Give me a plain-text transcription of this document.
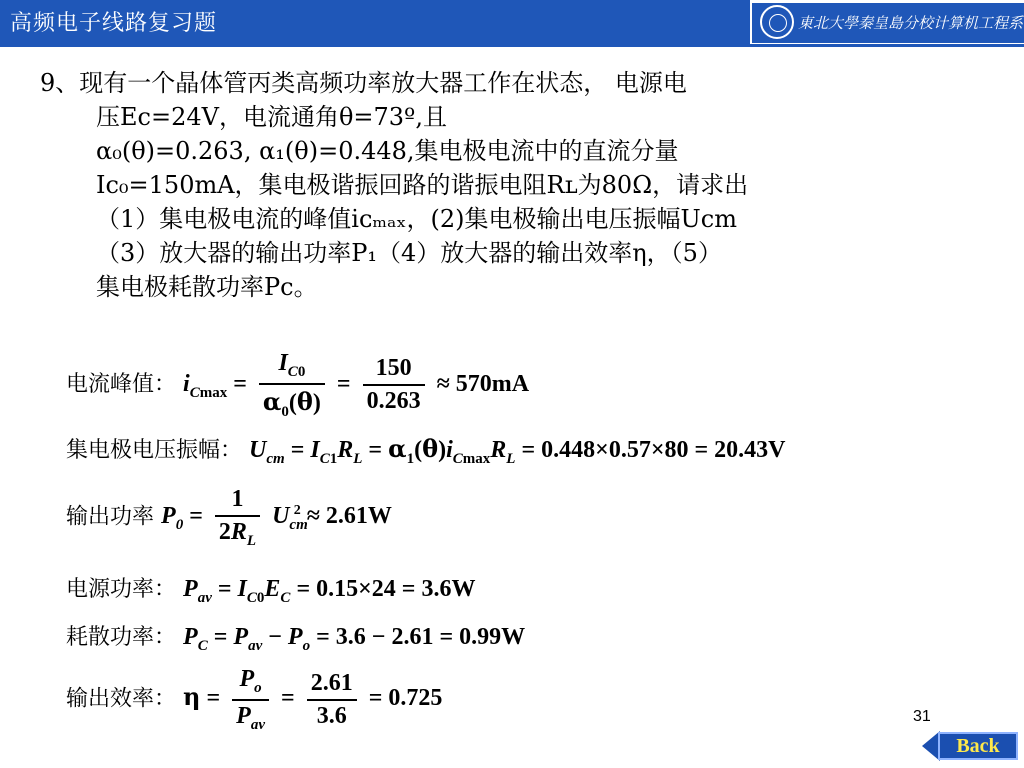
高频电子线路复习题	東北大學秦皇島分校计算机工程系
9、现有一个晶体管丙类高频功率放大器工作在状态， 电源电
压Ec=24V，电流通角θ=73º,且
α₀(θ)=0.263, α₁(θ)=0.448,集电极电流中的直流分量
Ic₀=150mA，集电极谐振回路的谐振电阻Rʟ为80Ω，请求出
（1）集电极电流的峰值iᴄₘₐₓ，(2)集电极输出电压振幅Ucm
（3）放大器的输出功率P₁（4）放大器的输出效率η，（5）
集电极耗散功率Pc。
电流峰值： $i_{Cmax} = \frac{I_{C0}}{\alpha_0(\theta)} = \frac{150}{0.263} \approx 570mA$
集电极电压振幅： $U_{cm} = I_{C1}R_L = \alpha_1(\theta)i_{Cmax}R_L = 0.448\times 0.57\times 80 = 20.43V$
输出功率 $P_0 = \frac{1}{2R_L} U_{cm}^2 \approx 2.61W$
电源功率： $P_{av} = I_{C0}E_C = 0.15\times 24 = 3.6W$
耗散功率： $P_C = P_{av} - P_o = 3.6 - 2.61 = 0.99W$
输出效率： $\eta = \frac{P_o}{P_{av}} = \frac{2.61}{3.6} = 0.725$
31
Back
